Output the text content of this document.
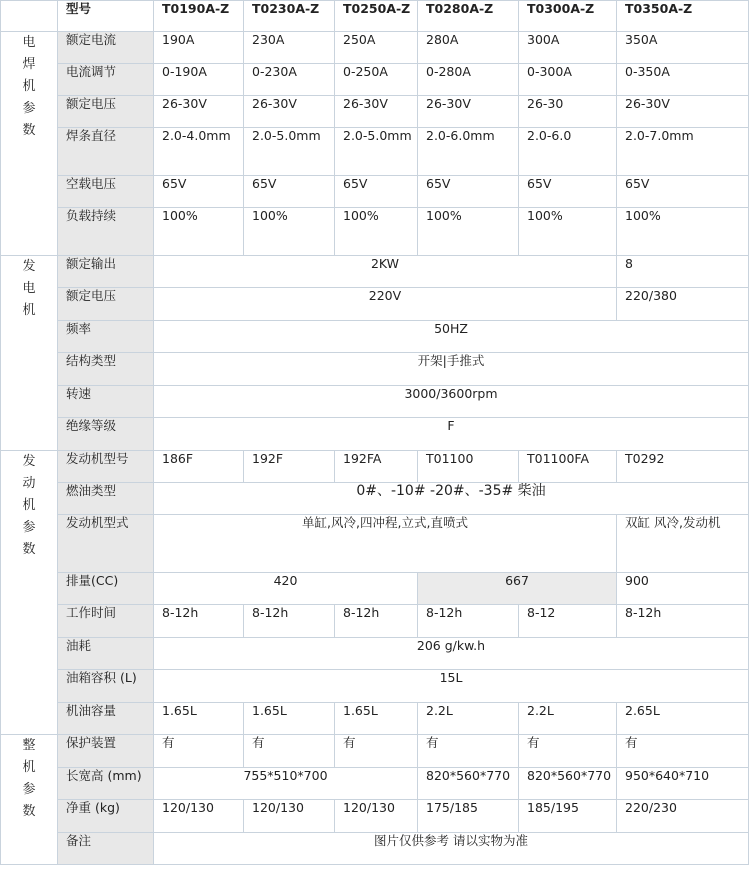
	型号	T0190A-Z	T0230A-Z	T0250A-Z	T0280A-Z	T0300A-Z	T0350A-Z
电焊机参数	额定电流	190A	230A	250A	280A	300A	350A
	电流调节	0-190A	0-230A	0-250A	0-280A	0-300A	0-350A
	额定电压	26-30V	26-30V	26-30V	26-30V	26-30	26-30V
	焊条直径	2.0-4.0mm	2.0-5.0mm	2.0-5.0mm	2.0-6.0mm	2.0-6.0	2.0-7.0mm
	空载电压	65V	65V	65V	65V	65V	65V
	负载持续	100%	100%	100%	100%	100%	100%
发电机	额定输出	2KW					8
	额定电压	220V					220/380
	频率	50HZ					
	结构类型	开架|手推式					
	转速	3000/3600rpm					
	绝缘等级	F					
发动机参数	发动机型号	186F	192F	192FA	T01100	T01100FA	T0292
	燃油类型	0#、-10# -20#、-35# 柴油					
	发动机型式	单缸,风冷,四冲程,立式,直喷式					双缸 风冷,发动机
	排量(CC)	420			667		900
	工作时间	8-12h	8-12h	8-12h	8-12h	8-12	8-12h
	油耗	206 g/kw.h					
	油箱容积 (L)	15L					
	机油容量	1.65L	1.65L	1.65L	2.2L	2.2L	2.65L
整机参数	保护装置	有	有	有	有	有	有
	长宽高 (mm)	755*510*700			820*560*770	820*560*770	950*640*710
	净重 (kg)	120/130	120/130	120/130	175/185	185/195	220/230
	备注	图片仅供参考 请以实物为准					
